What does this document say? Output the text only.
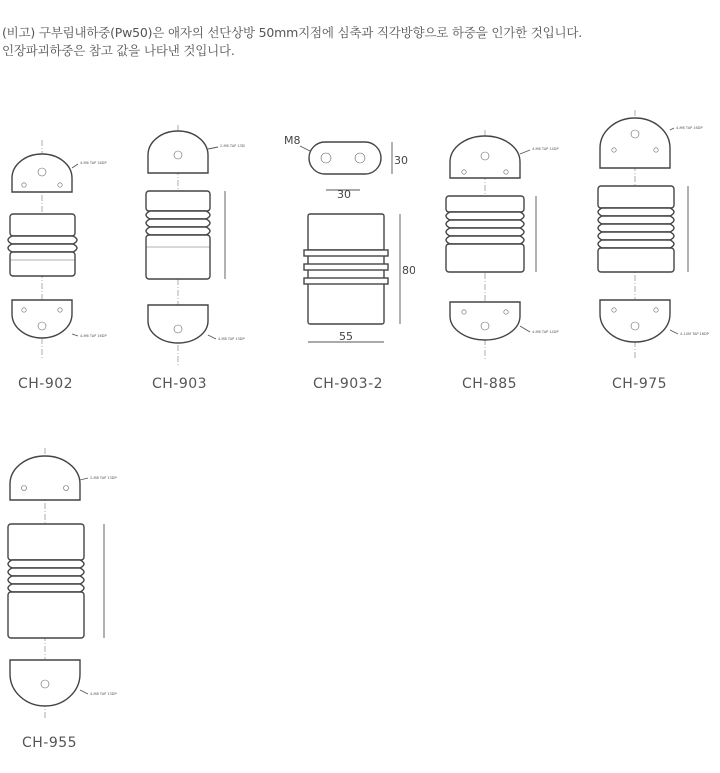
(비고) 구부림내하중(Pw50)은 애자의 선단상방 50mm지점에 심축과 직각방향으로 하중을 인가한 것입니다.
인장파괴하중은 참고 값을 나타낸 것입니다.
4-M6 TAP 16DP
4-M6 TAP 16DP
CH-902
2-M8 TAP 13DP
4-M8 TAP 13DP
CH-903
M8
30
30
80
55
CH-903-2
4-M6 TAP 14DP
4-M8 TAP 14DP
CH-885
4-M6 TAP 16DP
4-10M TAP 16DP
CH-975
2-M8 TAP 13DP
4-M8 TAP 13DP
CH-955
